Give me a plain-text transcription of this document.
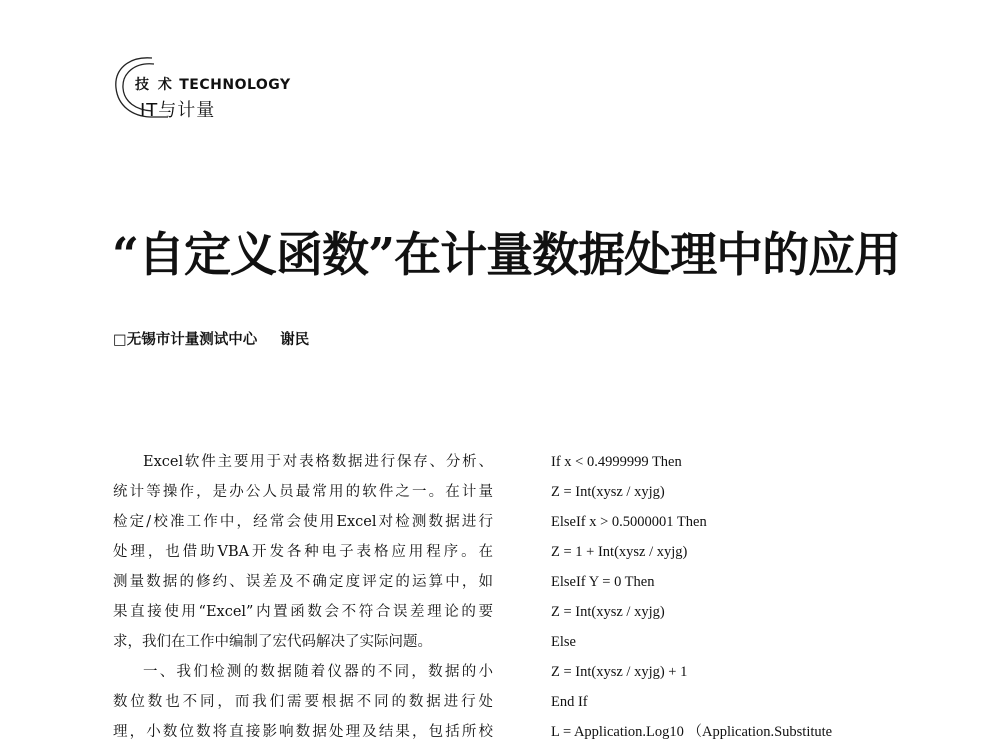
技 术 TECHNOLOGY
IT与计量
“自定义函数”在计量数据处理中的应用
□无锡市计量测试中心 谢民
Excel软件主要用于对表格数据进行保存、分析、
统计等操作，是办公人员最常用的软件之一。在计量
检定/校准工作中，经常会使用Excel对检测数据进行
处理，也借助VBA开发各种电子表格应用程序。在
测量数据的修约、误差及不确定度评定的运算中，如
果直接使用“Excel”内置函数会不符合误差理论的要
求，我们在工作中编制了宏代码解决了实际问题。
一、我们检测的数据随着仪器的不同，数据的小
数位数也不同，而我们需要根据不同的数据进行处
理，小数位数将直接影响数据处理及结果，包括所校
If x < 0.4999999 Then
Z = Int(xysz / xyjg)
ElseIf x > 0.5000001 Then
Z = 1 + Int(xysz / xyjg)
ElseIf Y = 0 Then
Z = Int(xysz / xyjg)
Else
Z = Int(xysz / xyjg) + 1
End If
L = Application.Log10 （Application.Substitute
